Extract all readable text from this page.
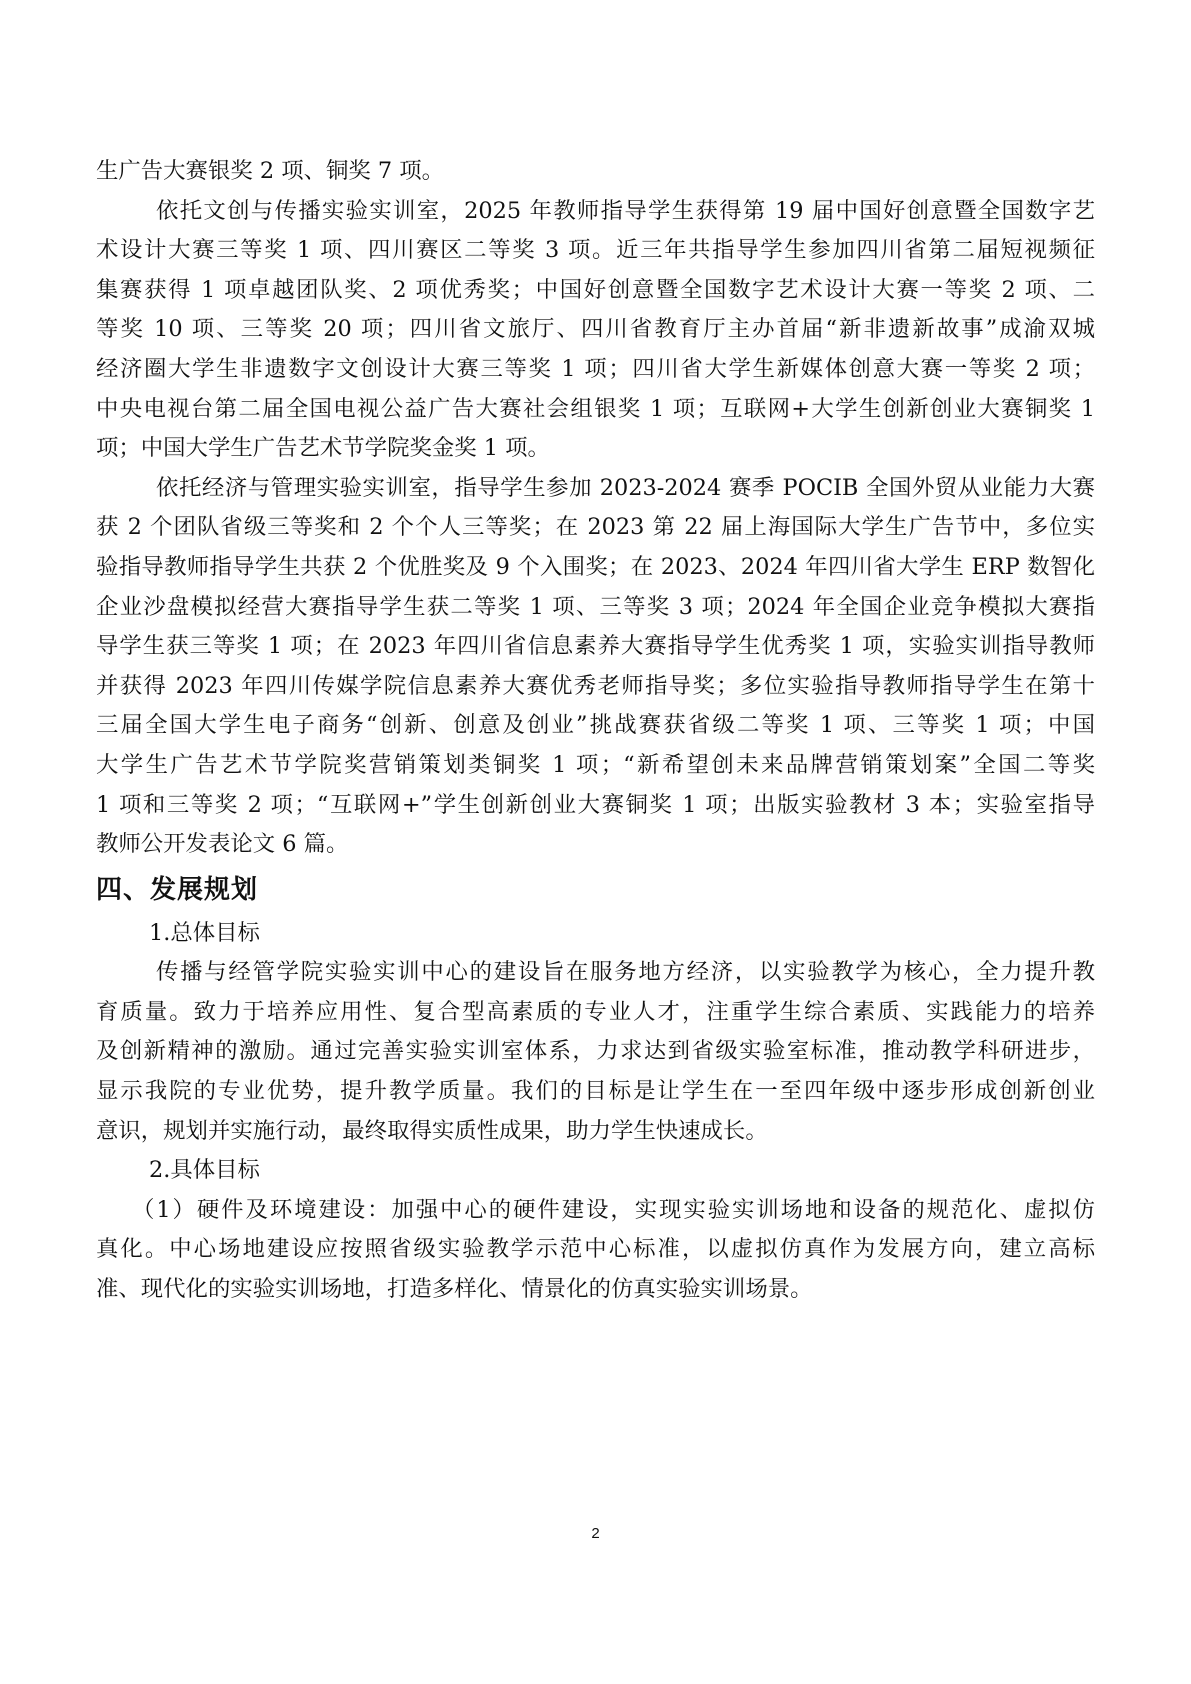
生广告大赛银奖 2 项、铜奖 7 项。
依托文创与传播实验实训室，2025 年教师指导学生获得第 19 届中国好创意暨全国数字艺
术设计大赛三等奖 1 项、四川赛区二等奖 3 项。近三年共指导学生参加四川省第二届短视频征
集赛获得 1 项卓越团队奖、2 项优秀奖；中国好创意暨全国数字艺术设计大赛一等奖 2 项、二
等奖 10 项、三等奖 20 项；四川省文旅厅、四川省教育厅主办首届“新非遗新故事”成渝双城
经济圈大学生非遗数字文创设计大赛三等奖 1 项；四川省大学生新媒体创意大赛一等奖 2 项；
中央电视台第二届全国电视公益广告大赛社会组银奖 1 项；互联网+大学生创新创业大赛铜奖 1
项；中国大学生广告艺术节学院奖金奖 1 项。
依托经济与管理实验实训室，指导学生参加 2023-2024 赛季 POCIB 全国外贸从业能力大赛
获 2 个团队省级三等奖和 2 个个人三等奖；在 2023 第 22 届上海国际大学生广告节中，多位实
验指导教师指导学生共获 2 个优胜奖及 9 个入围奖；在 2023、2024 年四川省大学生 ERP 数智化
企业沙盘模拟经营大赛指导学生获二等奖 1 项、三等奖 3 项；2024 年全国企业竞争模拟大赛指
导学生获三等奖 1 项；在 2023 年四川省信息素养大赛指导学生优秀奖 1 项，实验实训指导教师
并获得 2023 年四川传媒学院信息素养大赛优秀老师指导奖；多位实验指导教师指导学生在第十
三届全国大学生电子商务“创新、创意及创业”挑战赛获省级二等奖 1 项、三等奖 1 项；中国
大学生广告艺术节学院奖营销策划类铜奖 1 项；“新希望创未来品牌营销策划案”全国二等奖
1 项和三等奖 2 项；“互联网+”学生创新创业大赛铜奖 1 项；出版实验教材 3 本；实验室指导
教师公开发表论文 6 篇。
四、发展规划
1.总体目标
传播与经管学院实验实训中心的建设旨在服务地方经济，以实验教学为核心，全力提升教
育质量。致力于培养应用性、复合型高素质的专业人才，注重学生综合素质、实践能力的培养
及创新精神的激励。通过完善实验实训室体系，力求达到省级实验室标准，推动教学科研进步，
显示我院的专业优势，提升教学质量。我们的目标是让学生在一至四年级中逐步形成创新创业
意识，规划并实施行动，最终取得实质性成果，助力学生快速成长。
2.具体目标
（1）硬件及环境建设：加强中心的硬件建设，实现实验实训场地和设备的规范化、虚拟仿
真化。中心场地建设应按照省级实验教学示范中心标准，以虚拟仿真作为发展方向，建立高标
准、现代化的实验实训场地，打造多样化、情景化的仿真实验实训场景。
2
